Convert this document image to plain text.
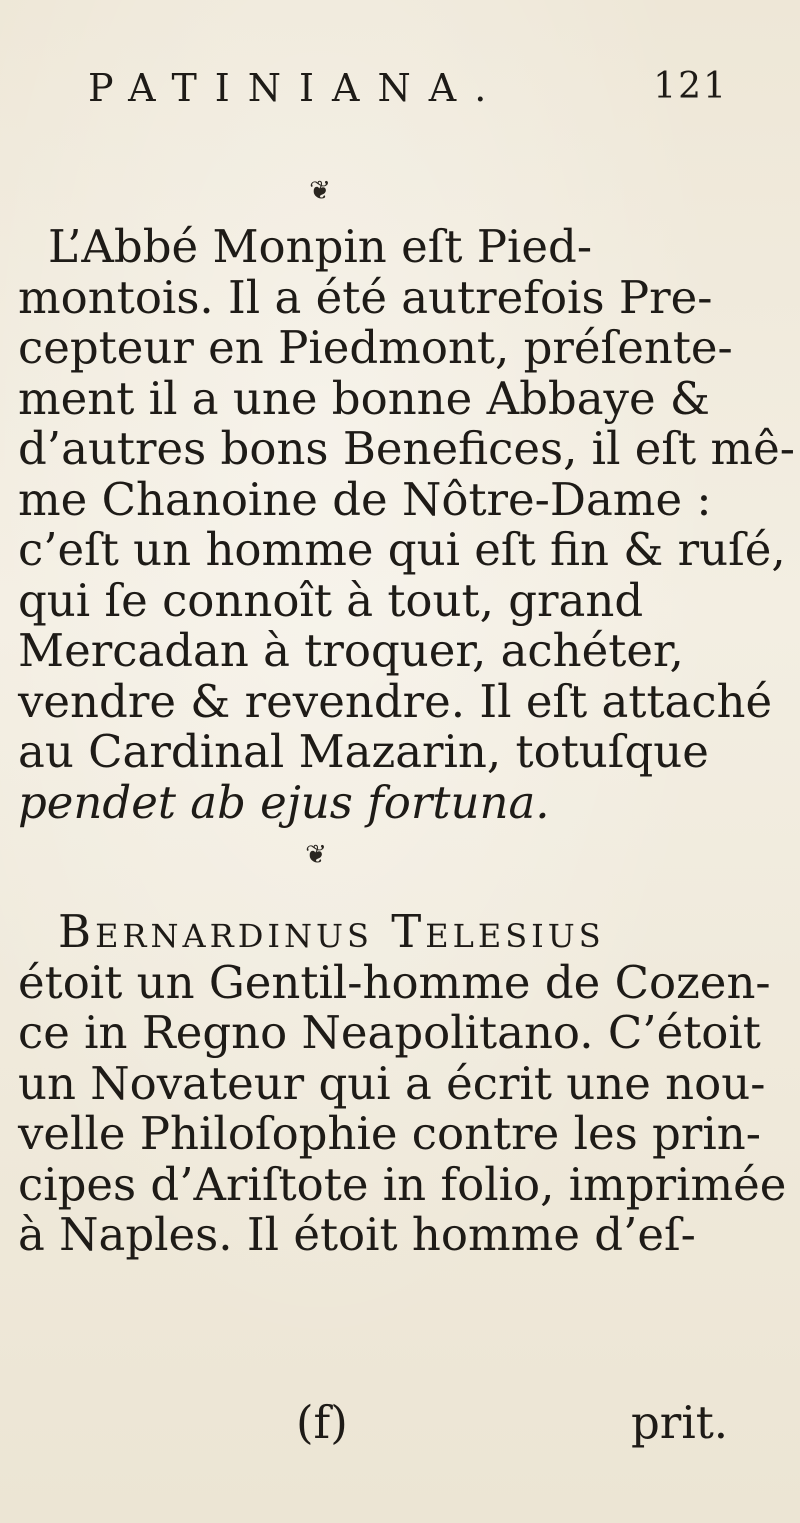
PATINIANA.	121
❦

L’Abbé Monpin eſt Pied-

montois. Il a été autrefois Pre-

cepteur en Piedmont, préſente-

ment il a une bonne Abbaye &

d’autres bons Benefices, il eſt mê-

me Chanoine de Nôtre-Dame :

c’eſt un homme qui eſt fin & ruſé,

qui ſe connoît à tout, grand

Mercadan à troquer, achéter,

vendre & revendre. Il eſt attaché

au Cardinal Mazarin, totuſque

pendet ab ejus fortuna.

❦

Bernardinus Telesius

étoit un Gentil-homme de Cozen-

ce in Regno Neapolitano. C’étoit

un Novateur qui a écrit une nou-

velle Philoſophie contre les prin-

cipes d’Ariſtote in folio, imprimée

à Naples. Il étoit homme d’eſ-

(f)	prit.
